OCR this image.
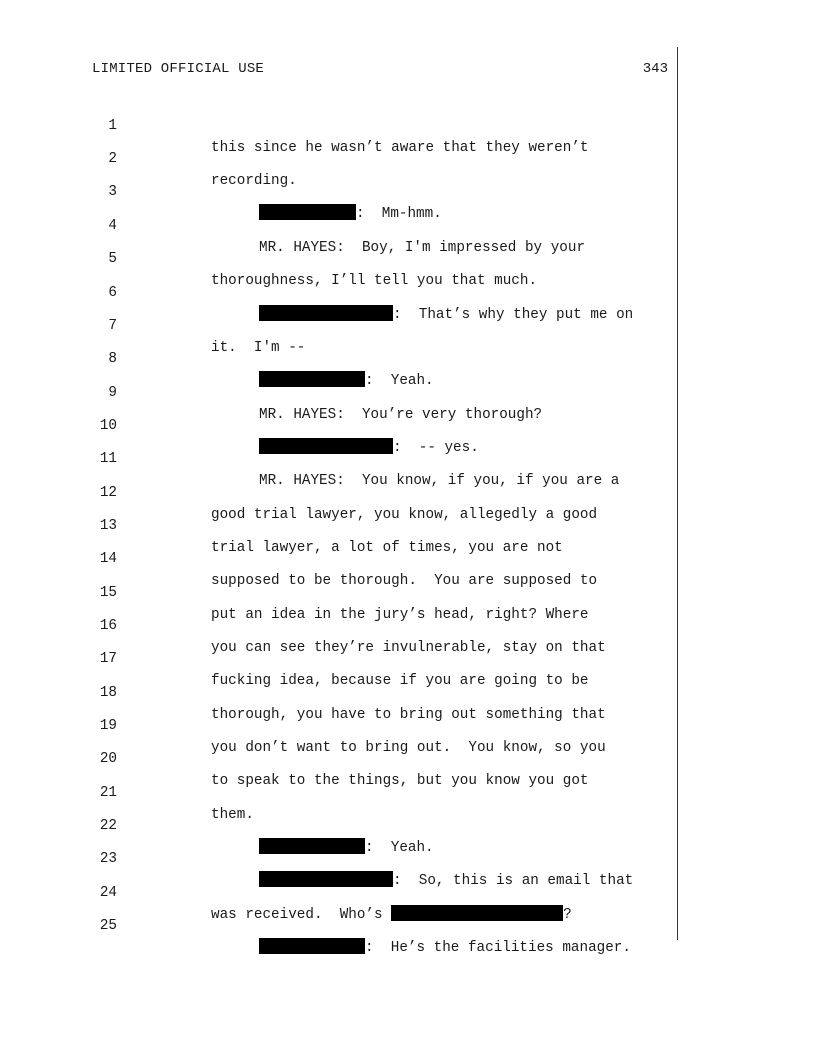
LIMITED OFFICIAL USE	343

1

this since he wasn’t aware that they weren’t

2

recording.

3

:  Mm-hmm.

4

MR. HAYES:  Boy, I'm impressed by your

5

thoroughness, I’ll tell you that much.

6

:  That’s why they put me on

7

it.  I'm --

8

:  Yeah.

9

MR. HAYES:  You’re very thorough?

10

:  -- yes.

11

MR. HAYES:  You know, if you, if you are a

12

good trial lawyer, you know, allegedly a good

13

trial lawyer, a lot of times, you are not

14

supposed to be thorough.  You are supposed to

15

put an idea in the jury’s head, right? Where

16

you can see they’re invulnerable, stay on that

17

fucking idea, because if you are going to be

18

thorough, you have to bring out something that

19

you don’t want to bring out.  You know, so you

20

to speak to the things, but you know you got

21

them.

22

:  Yeah.

23

:  So, this is an email that

24

was received.  Who’s	?

25

:  He’s the facilities manager.
